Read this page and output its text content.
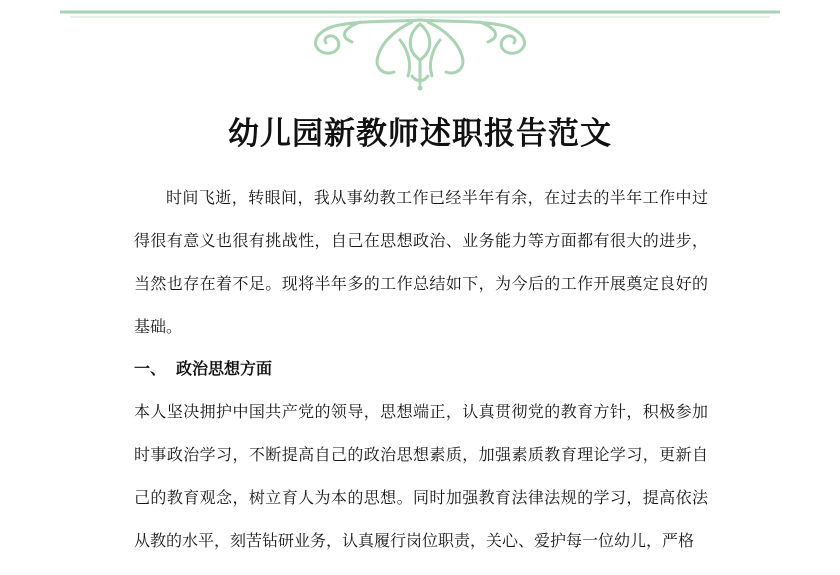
幼儿园新教师述职报告范文

时间飞逝，转眼间，我从事幼教工作已经半年有余，在过去的半年工作中过得很有意义也很有挑战性，自己在思想政治、业务能力等方面都有很大的进步，当然也存在着不足。现将半年多的工作总结如下，为今后的工作开展奠定良好的基础。

一、 政治思想方面

本人坚决拥护中国共产党的领导，思想端正，认真贯彻党的教育方针，积极参加时事政治学习，不断提高自己的政治思想素质，加强素质教育理论学习，更新自己的教育观念，树立育人为本的思想。同时加强教育法律法规的学习，提高依法从教的水平，刻苦钻研业务，认真履行岗位职责，关心、爱护每一位幼儿，严格
